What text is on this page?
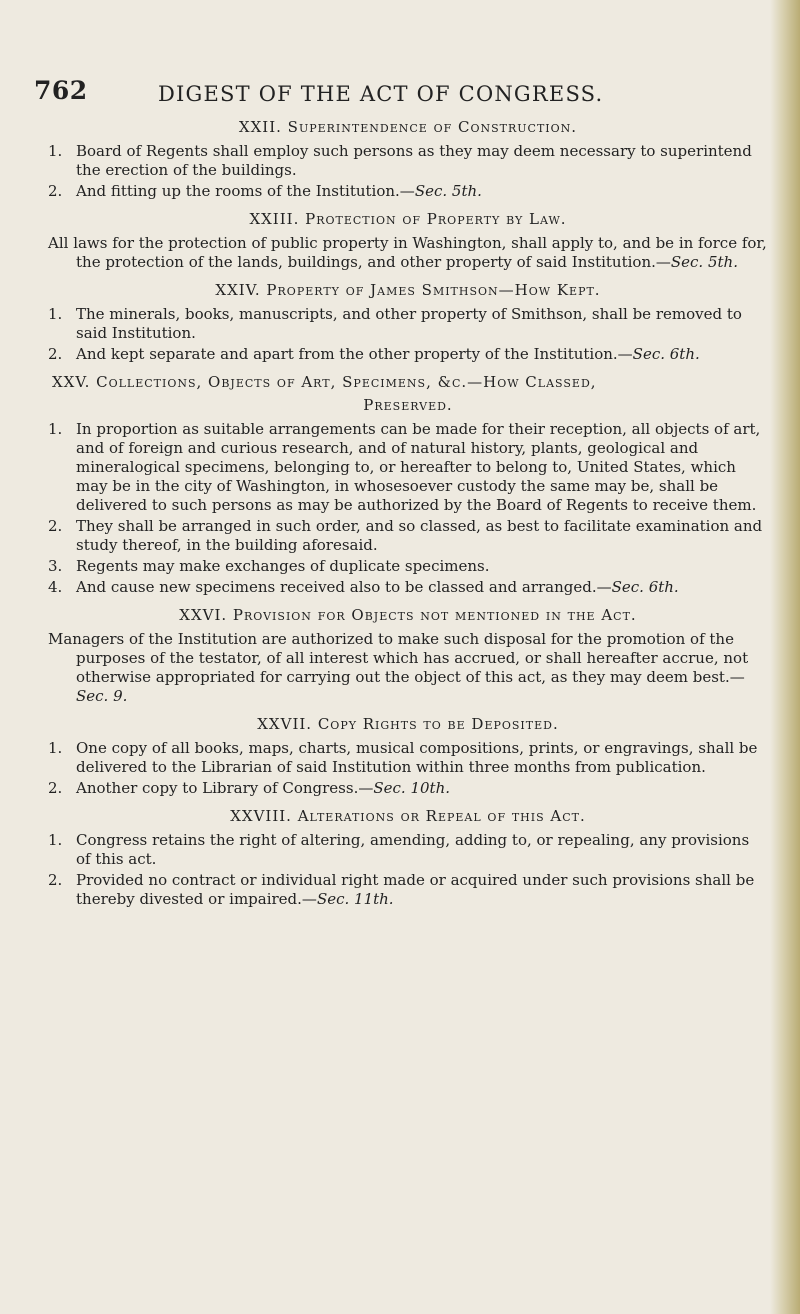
762	DIGEST OF THE ACT OF CONGRESS.
XXII. Superintendence of Construction.
1. Board of Regents shall employ such persons as they may deem necessary to superintend the erection of the buildings.
2. And fitting up the rooms of the Institution.—Sec. 5th.
XXIII. Protection of Property by Law.
All laws for the protection of public property in Washington, shall apply to, and be in force for, the protection of the lands, buildings, and other property of said Institution.—Sec. 5th.
XXIV. Property of James Smithson—How Kept.
1. The minerals, books, manuscripts, and other property of Smithson, shall be removed to said Institution.
2. And kept separate and apart from the other property of the Institution.—Sec. 6th.
XXV. Collections, Objects of Art, Specimens, &c.—How Classed,
Preserved.
1. In proportion as suitable arrangements can be made for their reception, all objects of art, and of foreign and curious research, and of natural history, plants, geological and mineralogical specimens, belonging to, or hereafter to belong to, United States, which may be in the city of Washington, in whosesoever custody the same may be, shall be delivered to such persons as may be authorized by the Board of Regents to receive them.
2. They shall be arranged in such order, and so classed, as best to facilitate examination and study thereof, in the building aforesaid.
3. Regents may make exchanges of duplicate specimens.
4. And cause new specimens received also to be classed and arranged.—Sec. 6th.
XXVI. Provision for Objects not mentioned in the Act.
Managers of the Institution are authorized to make such disposal for the promotion of the purposes of the testator, of all interest which has accrued, or shall hereafter accrue, not otherwise appropriated for carrying out the object of this act, as they may deem best.—Sec. 9.
XXVII. Copy Rights to be Deposited.
1. One copy of all books, maps, charts, musical compositions, prints, or engravings, shall be delivered to the Librarian of said Institution within three months from publication.
2. Another copy to Library of Congress.—Sec. 10th.
XXVIII. Alterations or Repeal of this Act.
1. Congress retains the right of altering, amending, adding to, or repealing, any provisions of this act.
2. Provided no contract or individual right made or acquired under such provisions shall be thereby divested or impaired.—Sec. 11th.
